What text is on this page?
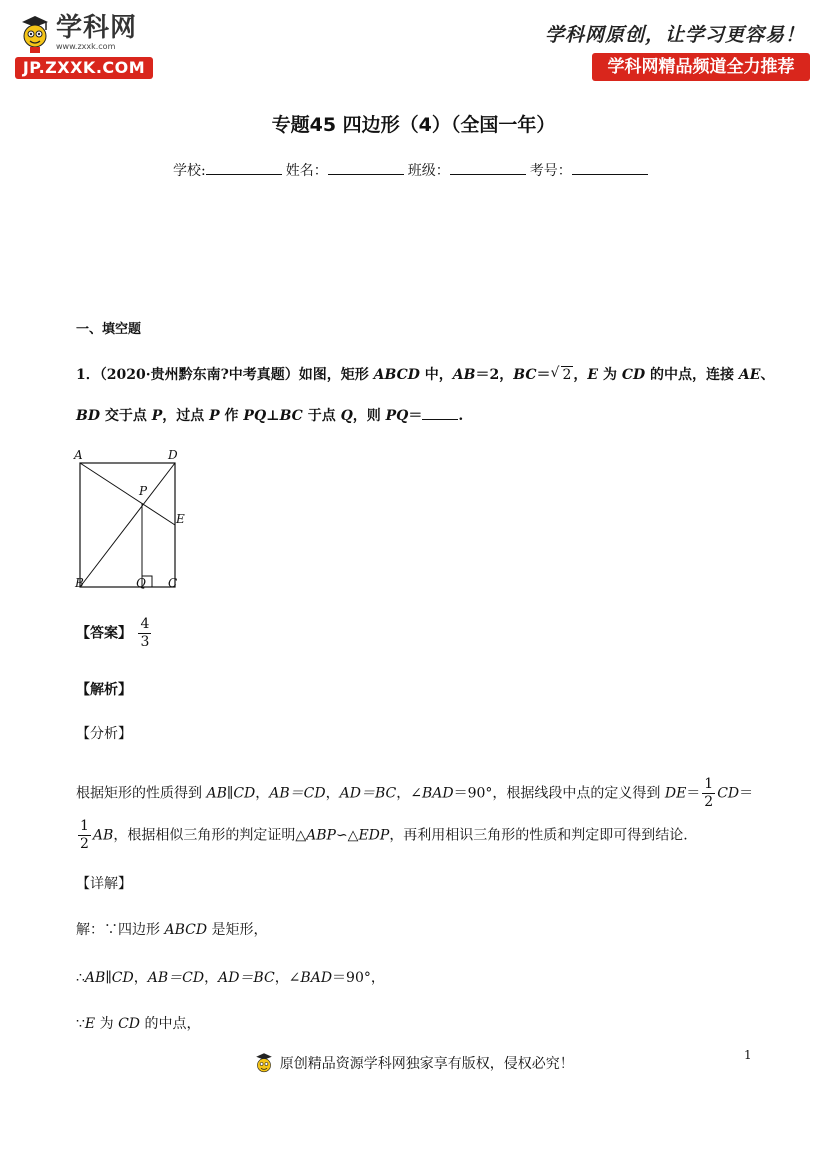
学科网
www.zxxk.com
JP.ZXXK.COM
学科网原创，让学习更容易！
学科网精品频道全力推荐
专题45 四边形（4）（全国一年）
学校:	姓名：	班级：	考号：
一、填空题
1．（2020·贵州黔东南?中考真题）如图，矩形 ABCD 中，AB＝2，BC＝ √ 2 ，E 为 CD 的中点，连接 AE、
BD 交于点 P，过点 P 作 PQ⊥BC 于点 Q，则 PQ＝	.
A	D
P
E
B	Q C
【答案】 $\frac{4}{3}$
【解析】
【分析】
根据矩形的性质得到 AB∥CD，AB＝CD，AD＝BC，∠BAD＝90°，根据线段中点的定义得到 $DE= \frac{1}{2} CD=$
$\frac{1}{2}$ AB，根据相似三角形的判定证明△ABP∽△EDP，再利用相识三角形的性质和判定即可得到结论.
【详解】
解：∵四边形 ABCD 是矩形，
∴AB∥CD，AB＝CD，AD＝BC，∠BAD＝90°，
∵E 为 CD 的中点，
原创精品资源学科网独家享有版权，侵权必究！
1
